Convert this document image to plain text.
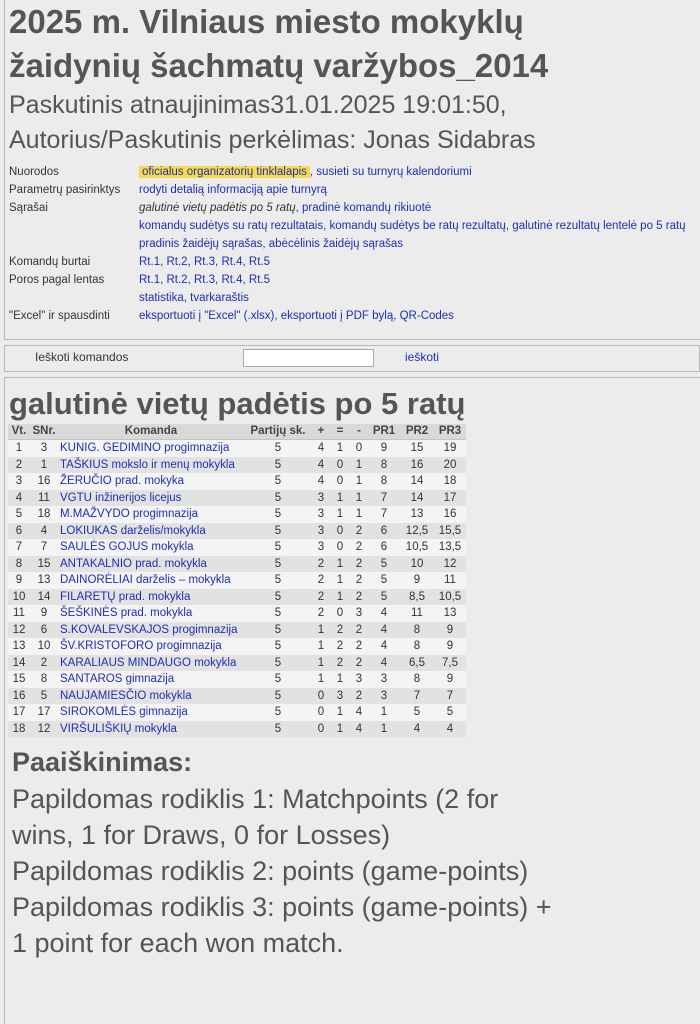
2025 m. Vilniaus miesto mokyklų
žaidynių šachmatų varžybos_2014
Paskutinis atnaujinimas31.01.2025 19:01:50,
Autorius/Paskutinis perkėlimas: Jonas Sidabras
Nuorodos	oficialus organizatorių tinklalapis , susieti su turnyrų kalendoriumi
Parametrų pasirinktys	rodyti detalią informaciją apie turnyrą
Sąrašai	galutinė vietų padėtis po 5 ratų, pradinė komandų rikiuotė
	komandų sudėtys su ratų rezultatais, komandų sudėtys be ratų rezultatų, galutinė rezultatų lentelė po 5 ratų
	pradinis žaidėjų sąrašas, abėcėlinis žaidėjų sąrašas
Komandų burtai	Rt.1, Rt.2, Rt.3, Rt.4, Rt.5
Poros pagal lentas	Rt.1, Rt.2, Rt.3, Rt.4, Rt.5
	statistika, tvarkaraštis
"Excel" ir spausdinti	eksportuoti į "Excel" (.xlsx), eksportuoti į PDF bylą, QR-Codes
Ieškoti komandos	ieškoti
galutinė vietų padėtis po 5 ratų
Vt.	SNr.	Komanda	Partijų sk.	+	=	-	PR1	PR2	PR3
1	3	KUNIG. GEDIMINO progimnazija	5	4	1	0	9	15	19
2	1	TAŠKIUS mokslo ir menų mokykla	5	4	0	1	8	16	20
3	16	ŽERUČIO prad. mokyka	5	4	0	1	8	14	18
4	11	VGTU inžinerijos licejus	5	3	1	1	7	14	17
5	18	M.MAŽVYDO progimnazija	5	3	1	1	7	13	16
6	4	LOKIUKAS darželis/mokykla	5	3	0	2	6	12,5	15,5
7	7	SAULĖS GOJUS mokykla	5	3	0	2	6	10,5	13,5
8	15	ANTAKALNIO prad. mokykla	5	2	1	2	5	10	12
9	13	DAINORĖLIAI darželis – mokykla	5	2	1	2	5	9	11
10	14	FILARETŲ prad. mokykla	5	2	1	2	5	8,5	10,5
11	9	ŠEŠKINĖS prad. mokykla	5	2	0	3	4	11	13
12	6	S.KOVALEVSKAJOS progimnazija	5	1	2	2	4	8	9
13	10	ŠV.KRISTOFORO progimnazija	5	1	2	2	4	8	9
14	2	KARALIAUS MINDAUGO mokykla	5	1	2	2	4	6,5	7,5
15	8	SANTAROS gimnazija	5	1	1	3	3	8	9
16	5	NAUJAMIESČIO mokykla	5	0	3	2	3	7	7
17	17	SIROKOMLĖS gimnazija	5	0	1	4	1	5	5
18	12	VIRŠULIŠKIŲ mokykla	5	0	1	4	1	4	4
Paaiškinimas:
Papildomas rodiklis 1: Matchpoints (2 for
wins, 1 for Draws, 0 for Losses)
Papildomas rodiklis 2: points (game-points)
Papildomas rodiklis 3: points (game-points) +
1 point for each won match.
